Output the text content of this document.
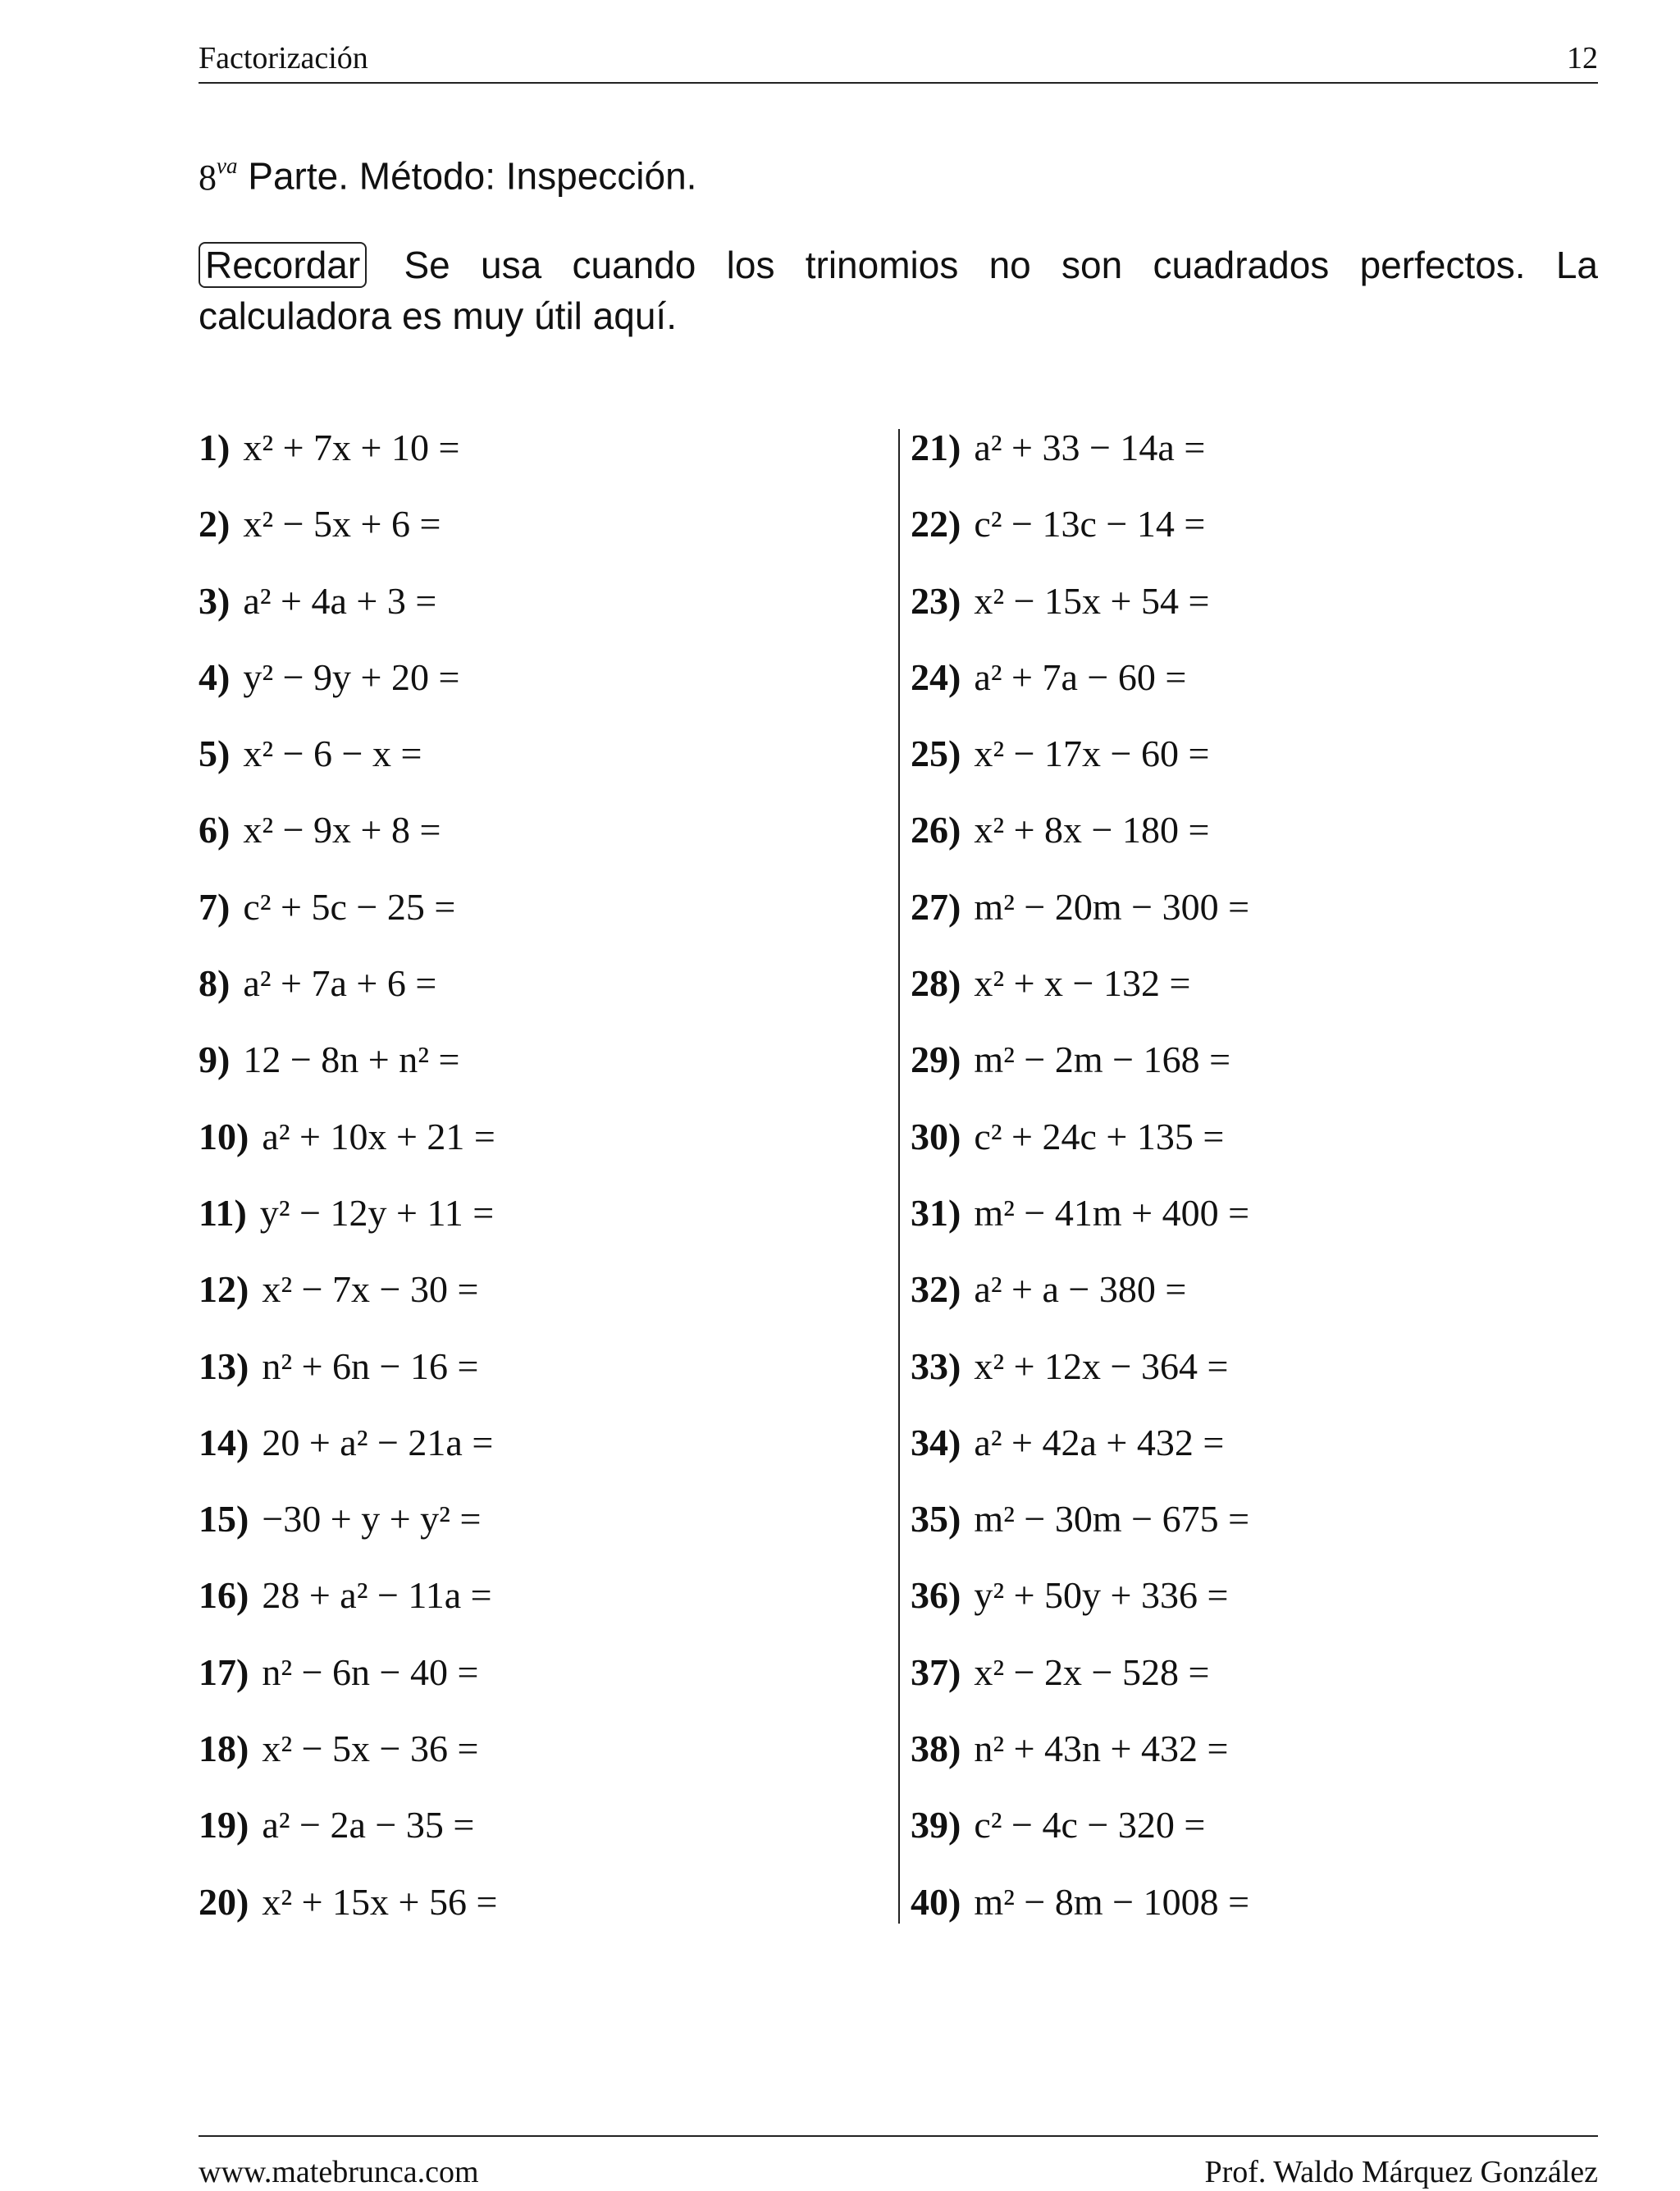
Factorización	12
$8^{va}$ Parte. Método: Inspección.
Recordar Se usa cuando los trinomios no son cuadrados perfectos. La calculadora es muy útil aquí.
1) x² + 7x + 10 =
2) x² − 5x + 6 =
3) a² + 4a + 3 =
4) y² − 9y + 20 =
5) x² − 6 − x =
6) x² − 9x + 8 =
7) c² + 5c − 25 =
8) a² + 7a + 6 =
9) 12 − 8n + n² =
10) a² + 10x + 21 =
11) y² − 12y + 11 =
12) x² − 7x − 30 =
13) n² + 6n − 16 =
14) 20 + a² − 21a =
15) −30 + y + y² =
16) 28 + a² − 11a =
17) n² − 6n − 40 =
18) x² − 5x − 36 =
19) a² − 2a − 35 =
20) x² + 15x + 56 =
21) a² + 33 − 14a =
22) c² − 13c − 14 =
23) x² − 15x + 54 =
24) a² + 7a − 60 =
25) x² − 17x − 60 =
26) x² + 8x − 180 =
27) m² − 20m − 300 =
28) x² + x − 132 =
29) m² − 2m − 168 =
30) c² + 24c + 135 =
31) m² − 41m + 400 =
32) a² + a − 380 =
33) x² + 12x − 364 =
34) a² + 42a + 432 =
35) m² − 30m − 675 =
36) y² + 50y + 336 =
37) x² − 2x − 528 =
38) n² + 43n + 432 =
39) c² − 4c − 320 =
40) m² − 8m − 1008 =
www.matebrunca.com	Prof. Waldo Márquez González
